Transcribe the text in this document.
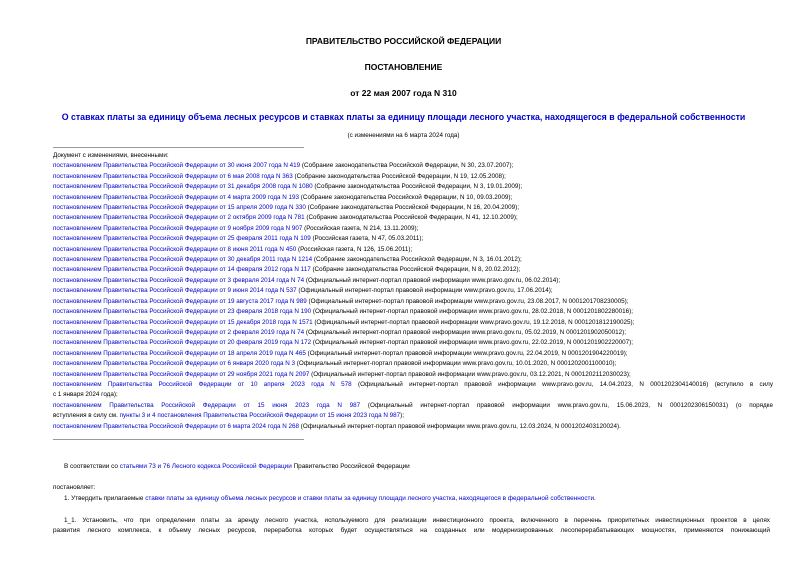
ПРАВИТЕЛЬСТВО РОССИЙСКОЙ ФЕДЕРАЦИИ
ПОСТАНОВЛЕНИЕ
от 22 мая 2007 года N 310
О ставках платы за единицу объема лесных ресурсов и ставках платы за единицу площади лесного участка, находящегося в федеральной собственности
(с изменениями на 6 марта 2024 года)
Документ с изменениями, внесенными:
постановлением Правительства Российской Федерации от 30 июня 2007 года N 419 (Собрание законодательства Российской Федерации, N 30, 23.07.2007);
постановлением Правительства Российской Федерации от 6 мая 2008 года N 363 (Собрание законодательства Российской Федерации, N 19, 12.05.2008);
постановлением Правительства Российской Федерации от 31 декабря 2008 года N 1080 (Собрание законодательства Российской Федерации, N 3, 19.01.2009);
постановлением Правительства Российской Федерации от 4 марта 2009 года N 193 (Собрание законодательства Российской Федерации, N 10, 09.03.2009);
постановлением Правительства Российской Федерации от 15 апреля 2009 года N 330 (Собрание законодательства Российской Федерации, N 16, 20.04.2009);
постановлением Правительства Российской Федерации от 2 октября 2009 года N 781 (Собрание законодательства Российской Федерации, N 41, 12.10.2009);
постановлением Правительства Российской Федерации от 9 ноября 2009 года N 907 (Российская газета, N 214, 13.11.2009);
постановлением Правительства Российской Федерации от 25 февраля 2011 года N 109 (Российская газета, N 47, 05.03.2011);
постановлением Правительства Российской Федерации от 8 июня 2011 года N 450 (Российская газета, N 126, 15.06.2011);
постановлением Правительства Российской Федерации от 30 декабря 2011 года N 1214 (Собрание законодательства Российской Федерации, N 3, 16.01.2012);
постановлением Правительства Российской Федерации от 14 февраля 2012 года N 117 (Собрание законодательства Российской Федерации, N 8, 20.02.2012);
постановлением Правительства Российской Федерации от 3 февраля 2014 года N 74 (Официальный интернет-портал правовой информации www.pravo.gov.ru, 06.02.2014);
постановлением Правительства Российской Федерации от 9 июня 2014 года N 537 (Официальный интернет-портал правовой информации www.pravo.gov.ru, 17.06.2014);
постановлением Правительства Российской Федерации от 19 августа 2017 года N 989 (Официальный интернет-портал правовой информации www.pravo.gov.ru, 23.08.2017, N 0001201708230005);
постановлением Правительства Российской Федерации от 23 февраля 2018 года N 190 (Официальный интернет-портал правовой информации www.pravo.gov.ru, 28.02.2018, N 0001201802280016);
постановлением Правительства Российской Федерации от 15 декабря 2018 года N 1571 (Официальный интернет-портал правовой информации www.pravo.gov.ru, 19.12.2018, N 0001201812190025);
постановлением Правительства Российской Федерации от 2 февраля 2019 года N 74 (Официальный интернет-портал правовой информации www.pravo.gov.ru, 05.02.2019, N 0001201902050012);
постановлением Правительства Российской Федерации от 20 февраля 2019 года N 172 (Официальный интернет-портал правовой информации www.pravo.gov.ru, 22.02.2019, N 0001201902220007);
постановлением Правительства Российской Федерации от 18 апреля 2019 года N 465 (Официальный интернет-портал правовой информации www.pravo.gov.ru, 22.04.2019, N 0001201904220019);
постановлением Правительства Российской Федерации от 6 января 2020 года N 3 (Официальный интернет-портал правовой информации www.pravo.gov.ru, 10.01.2020, N 0001202001100010);
постановлением Правительства Российской Федерации от 29 ноября 2021 года N 2097 (Официальный интернет-портал правовой информации www.pravo.gov.ru, 03.12.2021, N 0001202112030023);
постановлением Правительства Российской Федерации от 10 апреля 2023 года N 578 (Официальный интернет-портал правовой информации www.pravo.gov.ru, 14.04.2023, N 0001202304140016) (вступило в силу
с 1 января 2024 года);
постановлением Правительства Российской Федерации от 15 июня 2023 года N 987 (Официальный интернет-портал правовой информации www.pravo.gov.ru, 15.06.2023, N 0001202306150031) (о порядке
вступления в силу см. пункты 3 и 4 постановления Правительства Российской Федерации от 15 июня 2023 года N 987);
постановлением Правительства Российской Федерации от 6 марта 2024 года N 268 (Официальный интернет-портал правовой информации www.pravo.gov.ru, 12.03.2024, N 0001202403120024).
В соответствии со статьями 73 и 76 Лесного кодекса Российской Федерации Правительство Российской Федерации
постановляет:
1. Утвердить прилагаемые ставки платы за единицу объема лесных ресурсов и ставки платы за единицу площади лесного участка, находящегося в федеральной собственности.
1_1. Установить, что при определении платы за аренду лесного участка, используемого для реализации инвестиционного проекта, включенного в перечень приоритетных инвестиционных проектов в целях
развития лесного комплекса, к объему лесных ресурсов, переработка которых будет осуществляться на созданных или модернизированных лесоперерабатывающих мощностях, применяются понижающий
